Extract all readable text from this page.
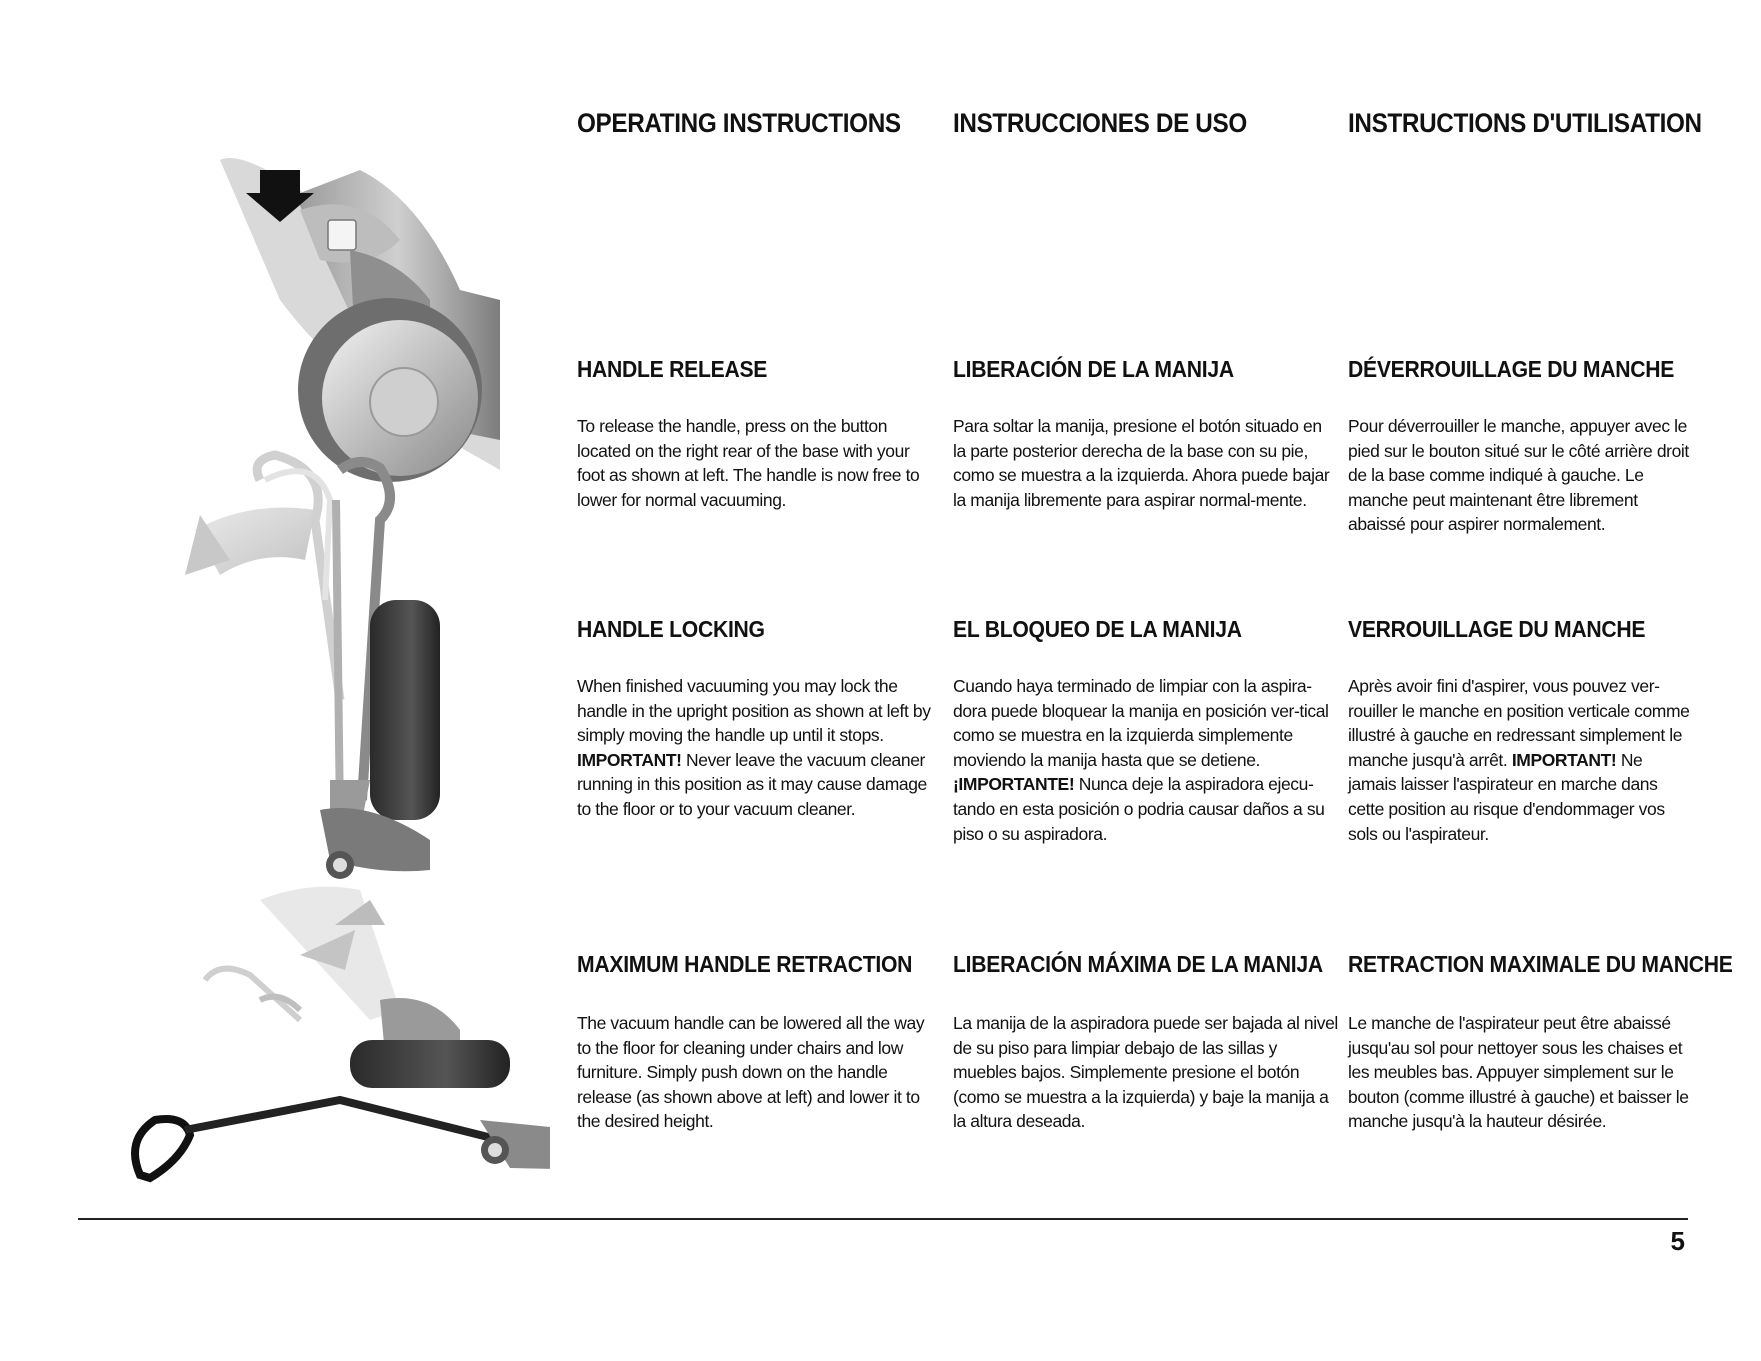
OPERATING INSTRUCTIONS
HANDLE RELEASE

To release the handle, press on the button located on the right rear of the base with your foot as shown at left. The handle is now free to lower for normal vacuuming.

HANDLE LOCKING

When finished vacuuming you may lock the handle in the upright position as shown at left by simply moving the handle up until it stops. IMPORTANT! Never leave the vacuum cleaner running in this position as it may cause damage to the floor or to your vacuum cleaner.

MAXIMUM HANDLE RETRACTION

The vacuum handle can be lowered all the way to the floor for cleaning under chairs and low furniture. Simply push down on the handle release (as shown above at left) and lower it to the desired height.

INSTRUCCIONES DE USO
LIBERACIÓN DE LA MANIJA

Para soltar la manija, presione el botón situado en la parte posterior derecha de la base con su pie, como se muestra a la izquierda. Ahora puede bajar la manija libremente para aspirar normal-mente.

EL BLOQUEO DE LA MANIJA

Cuando haya terminado de limpiar con la aspira-dora puede bloquear la manija en posición ver-tical como se muestra en la izquierda simplemente moviendo la manija hasta que se detiene. ¡IMPORTANTE! Nunca deje la aspiradora ejecu-tando en esta posición o podria causar daños a su piso o su aspiradora.

LIBERACIÓN MÁXIMA DE LA MANIJA

La manija de la aspiradora puede ser bajada al nivel de su piso para limpiar debajo de las sillas y muebles bajos. Simplemente presione el botón (como se muestra a la izquierda) y baje la manija a la altura deseada.

INSTRUCTIONS D'UTILISATION
DÉVERROUILLAGE DU MANCHE

Pour déverrouiller le manche, appuyer avec le pied sur le bouton situé sur le côté arrière droit de la base comme indiqué à gauche. Le manche peut maintenant être librement abaissé pour aspirer normalement.

VERROUILLAGE DU MANCHE

Après avoir fini d'aspirer, vous pouvez ver-rouiller le manche en position verticale comme illustré à gauche en redressant simplement le manche jusqu'à arrêt. IMPORTANT! Ne jamais laisser l'aspirateur en marche dans cette position au risque d'endommager vos sols ou l'aspirateur.

RETRACTION MAXIMALE DU MANCHE

Le manche de l'aspirateur peut être abaissé jusqu'au sol pour nettoyer sous les chaises et les meubles bas. Appuyer simplement sur le bouton (comme illustré à gauche) et baisser le manche jusqu'à la hauteur désirée.

5
